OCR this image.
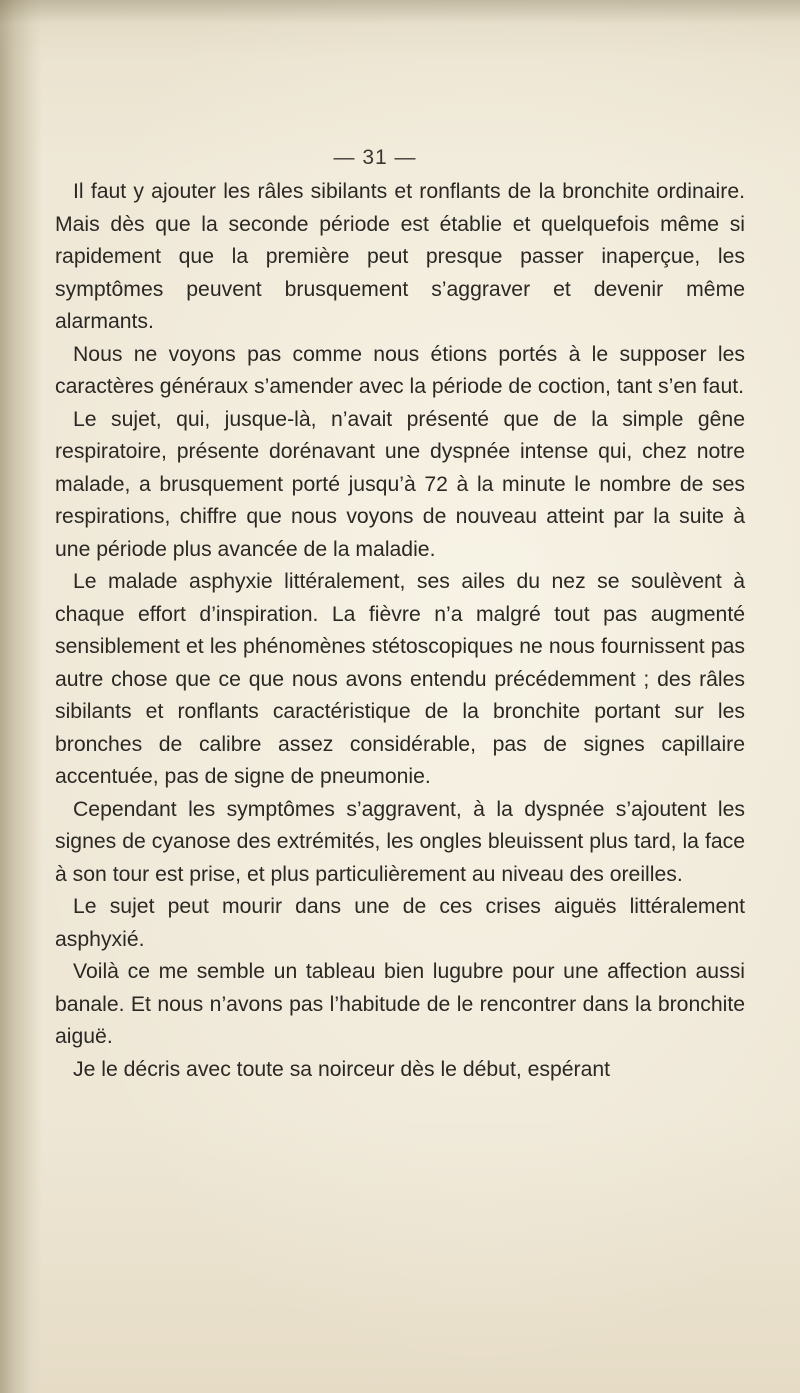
— 31 —

Il faut y ajouter les râles sibilants et ronflants de la bronchite ordinaire. Mais dès que la seconde période est établie et quelquefois même si rapidement que la première peut presque passer inaperçue, les symptômes peuvent brusquement s’aggraver et devenir même alarmants.

Nous ne voyons pas comme nous étions portés à le supposer les caractères généraux s’amender avec la période de coction, tant s’en faut.

Le sujet, qui, jusque-là, n’avait présenté que de la simple gêne respiratoire, présente dorénavant une dyspnée intense qui, chez notre malade, a brusquement porté jusqu’à 72 à la minute le nombre de ses respirations, chiffre que nous voyons de nouveau atteint par la suite à une période plus avancée de la maladie.

Le malade asphyxie littéralement, ses ailes du nez se soulèvent à chaque effort d’inspiration. La fièvre n’a malgré tout pas augmenté sensiblement et les phénomènes stétoscopiques ne nous fournissent pas autre chose que ce que nous avons entendu précédemment ; des râles sibilants et ronflants caractéristique de la bronchite portant sur les bronches de calibre assez considérable, pas de signes capillaire accentuée, pas de signe de pneumonie.

Cependant les symptômes s’aggravent, à la dyspnée s’ajoutent les signes de cyanose des extrémités, les ongles bleuissent plus tard, la face à son tour est prise, et plus particulièrement au niveau des oreilles.

Le sujet peut mourir dans une de ces crises aiguës littéralement asphyxié.

Voilà ce me semble un tableau bien lugubre pour une affection aussi banale. Et nous n’avons pas l’habitude de le rencontrer dans la bronchite aiguë.

Je le décris avec toute sa noirceur dès le début, espérant
